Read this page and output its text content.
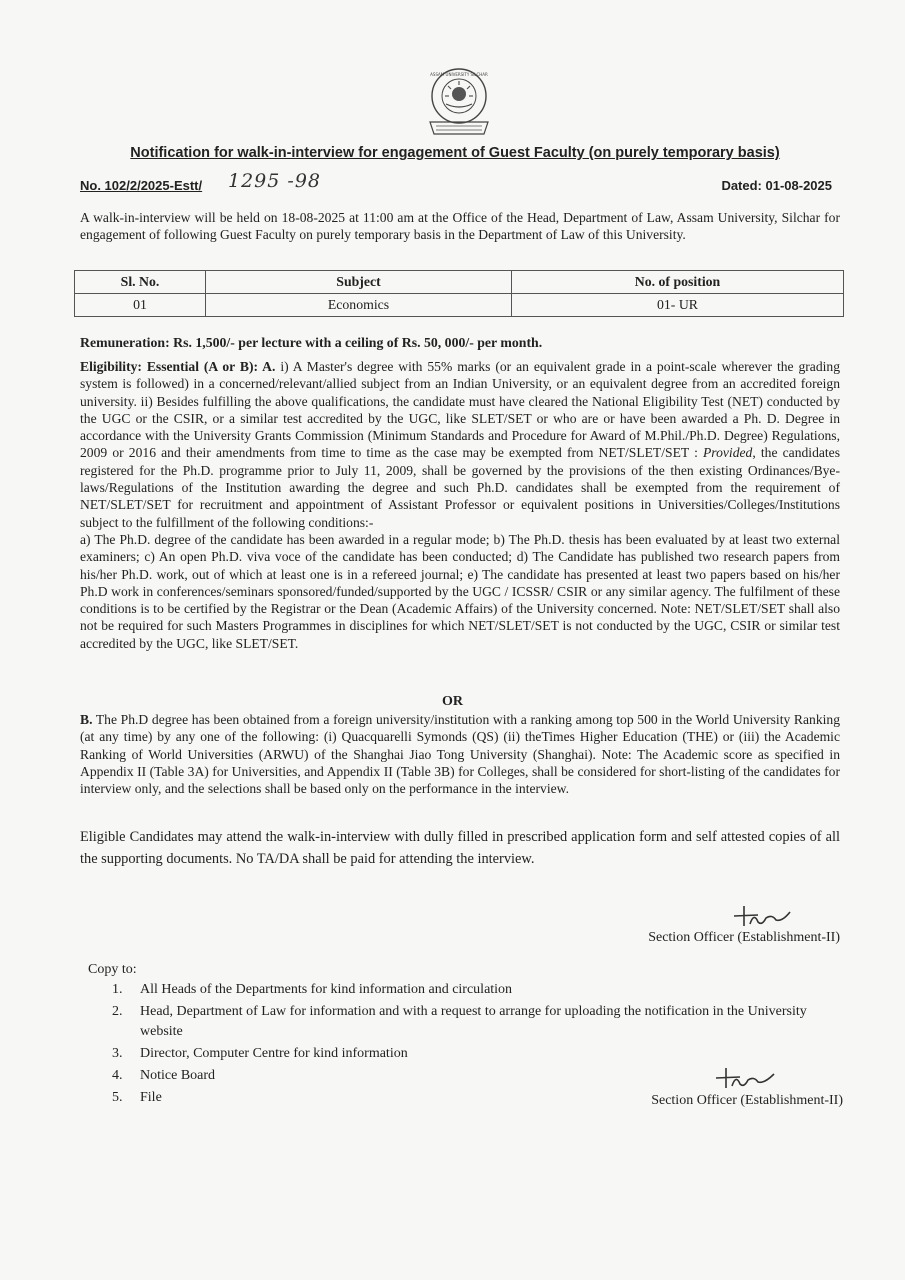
ASSAM UNIVERSITY SILCHAR
Notification for walk-in-interview for engagement of Guest Faculty (on purely temporary basis)
No. 102/2/2025-Estt/ 1295 -98	Dated: 01-08-2025
A walk-in-interview will be held on 18-08-2025 at 11:00 am at the Office of the Head, Department of Law, Assam University, Silchar for engagement of following Guest Faculty on purely temporary basis in the Department of Law of this University.
Sl. No.	Subject	No. of position
01	Economics	01- UR
Remuneration: Rs. 1,500/- per lecture with a ceiling of Rs. 50, 000/- per month.
Eligibility: Essential (A or B): A. i) A Master's degree with 55% marks (or an equivalent grade in a point-scale wherever the grading system is followed) in a concerned/relevant/allied subject from an Indian University, or an equivalent degree from an accredited foreign university. ii) Besides fulfilling the above qualifications, the candidate must have cleared the National Eligibility Test (NET) conducted by the UGC or the CSIR, or a similar test accredited by the UGC, like SLET/SET or who are or have been awarded a Ph. D. Degree in accordance with the University Grants Commission (Minimum Standards and Procedure for Award of M.Phil./Ph.D. Degree) Regulations, 2009 or 2016 and their amendments from time to time as the case may be exempted from NET/SLET/SET : Provided, the candidates registered for the Ph.D. programme prior to July 11, 2009, shall be governed by the provisions of the then existing Ordinances/Bye-laws/Regulations of the Institution awarding the degree and such Ph.D. candidates shall be exempted from the requirement of NET/SLET/SET for recruitment and appointment of Assistant Professor or equivalent positions in Universities/Colleges/Institutions subject to the fulfillment of the following conditions:-
a) The Ph.D. degree of the candidate has been awarded in a regular mode; b) The Ph.D. thesis has been evaluated by at least two external examiners; c) An open Ph.D. viva voce of the candidate has been conducted; d) The Candidate has published two research papers from his/her Ph.D. work, out of which at least one is in a refereed journal; e) The candidate has presented at least two papers based on his/her Ph.D work in conferences/seminars sponsored/funded/supported by the UGC / ICSSR/ CSIR or any similar agency. The fulfilment of these conditions is to be certified by the Registrar or the Dean (Academic Affairs) of the University concerned. Note: NET/SLET/SET shall also not be required for such Masters Programmes in disciplines for which NET/SLET/SET is not conducted by the UGC, CSIR or similar test accredited by the UGC, like SLET/SET.
OR
B. The Ph.D degree has been obtained from a foreign university/institution with a ranking among top 500 in the World University Ranking (at any time) by any one of the following: (i) Quacquarelli Symonds (QS) (ii) theTimes Higher Education (THE) or (iii) the Academic Ranking of World Universities (ARWU) of the Shanghai Jiao Tong University (Shanghai). Note: The Academic score as specified in Appendix II (Table 3A) for Universities, and Appendix II (Table 3B) for Colleges, shall be considered for short-listing of the candidates for interview only, and the selections shall be based only on the performance in the interview.
Eligible Candidates may attend the walk-in-interview with dully filled in prescribed application form and self attested copies of all the supporting documents. No TA/DA shall be paid for attending the interview.
Section Officer (Establishment-II)
Copy to:
1.	All Heads of the Departments for kind information and circulation
2.	Head, Department of Law for information and with a request to arrange for uploading the notification in the University website
3.	Director, Computer Centre for kind information
4.	Notice Board
5.	File	Section Officer (Establishment-II)
